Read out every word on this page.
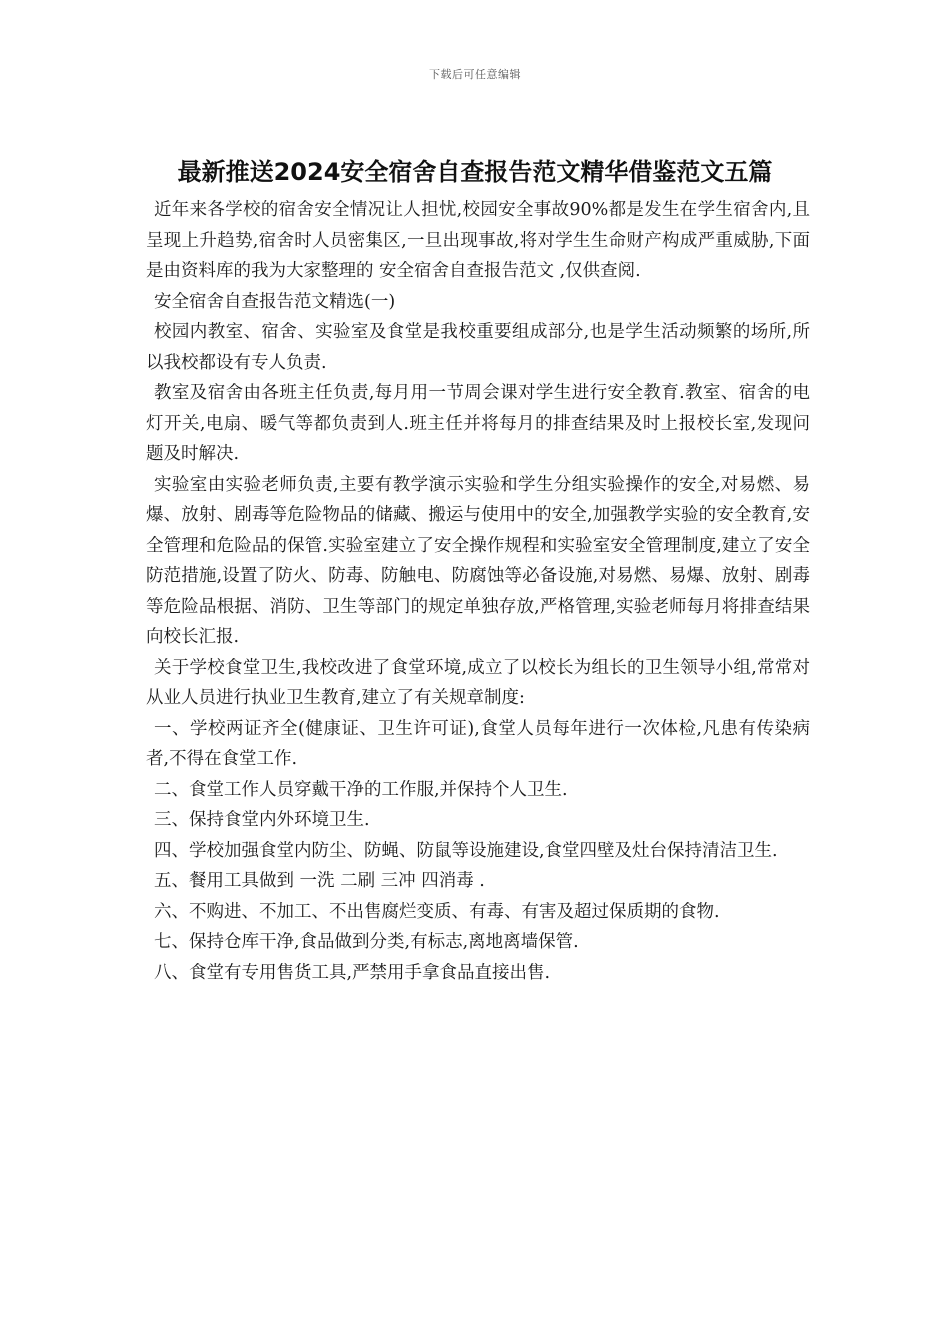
下载后可任意编辑
最新推送2024安全宿舍自查报告范文精华借鉴范文五篇

近年来各学校的宿舍安全情况让人担忧,校园安全事故90%都是发生在学生宿舍内,且呈现上升趋势,宿舍时人员密集区,一旦出现事故,将对学生生命财产构成严重威胁,下面是由资料库的我为大家整理的 安全宿舍自查报告范文 ,仅供查阅.

安全宿舍自查报告范文精选(一)

校园内教室、宿舍、实验室及食堂是我校重要组成部分,也是学生活动频繁的场所,所以我校都设有专人负责.

教室及宿舍由各班主任负责,每月用一节周会课对学生进行安全教育.教室、宿舍的电灯开关,电扇、暖气等都负责到人.班主任并将每月的排查结果及时上报校长室,发现问题及时解决.

实验室由实验老师负责,主要有教学演示实验和学生分组实验操作的安全,对易燃、易爆、放射、剧毒等危险物品的储藏、搬运与使用中的安全,加强教学实验的安全教育,安全管理和危险品的保管.实验室建立了安全操作规程和实验室安全管理制度,建立了安全防范措施,设置了防火、防毒、防触电、防腐蚀等必备设施,对易燃、易爆、放射、剧毒等危险品根据、消防、卫生等部门的规定单独存放,严格管理,实验老师每月将排查结果向校长汇报.

关于学校食堂卫生,我校改进了食堂环境,成立了以校长为组长的卫生领导小组,常常对从业人员进行执业卫生教育,建立了有关规章制度:

一、学校两证齐全(健康证、卫生许可证),食堂人员每年进行一次体检,凡患有传染病者,不得在食堂工作.

二、食堂工作人员穿戴干净的工作服,并保持个人卫生.

三、保持食堂内外环境卫生.

四、学校加强食堂内防尘、防蝇、防鼠等设施建设,食堂四壁及灶台保持清洁卫生.

五、餐用工具做到 一洗 二刷 三冲 四消毒 .

六、不购进、不加工、不出售腐烂变质、有毒、有害及超过保质期的食物.

七、保持仓库干净,食品做到分类,有标志,离地离墙保管.

八、食堂有专用售货工具,严禁用手拿食品直接出售.
